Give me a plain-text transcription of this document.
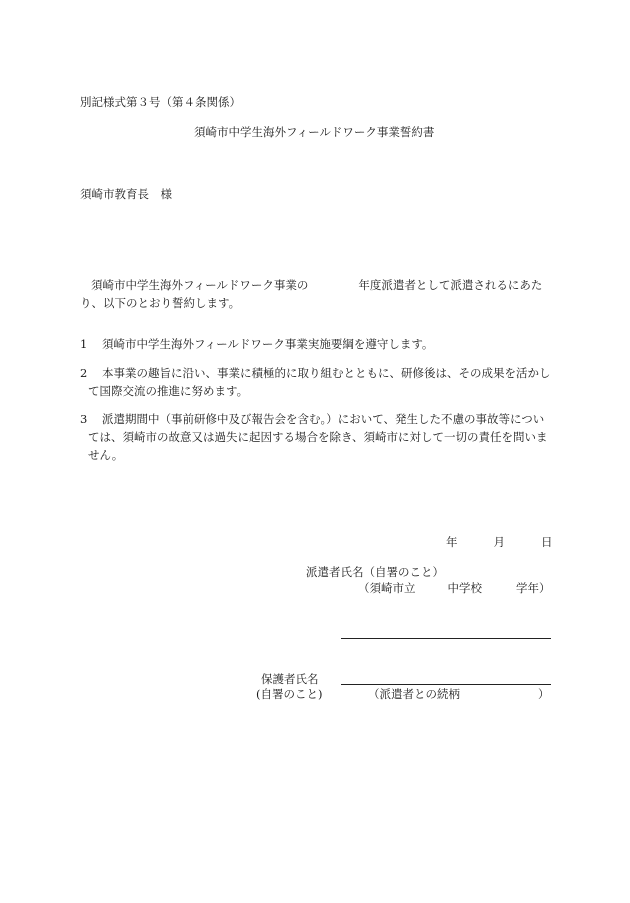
別記様式第３号（第４条関係）
須崎市中学生海外フィールドワーク事業誓約書
須崎市教育長　様
須崎市中学生海外フィールドワーク事業の	年度派遣者として派遣されるにあた
り、以下のとおり誓約します。
1	須崎市中学生海外フィールドワーク事業実施要綱を遵守します。
2	本事業の趣旨に沿い、事業に積極的に取り組むとともに、研修後は、その成果を活かして国際交流の推進に努めます。
3	派遣期間中（事前研修中及び報告会を含む。）において、発生した不慮の事故等については、須崎市の故意又は過失に起因する場合を除き、須崎市に対して一切の責任を問いません。
年	月	日
派遣者氏名（自署のこと）
（須崎市立	中学校	学年）
保護者氏名
(自署のこと)	（派遣者との続柄	）
